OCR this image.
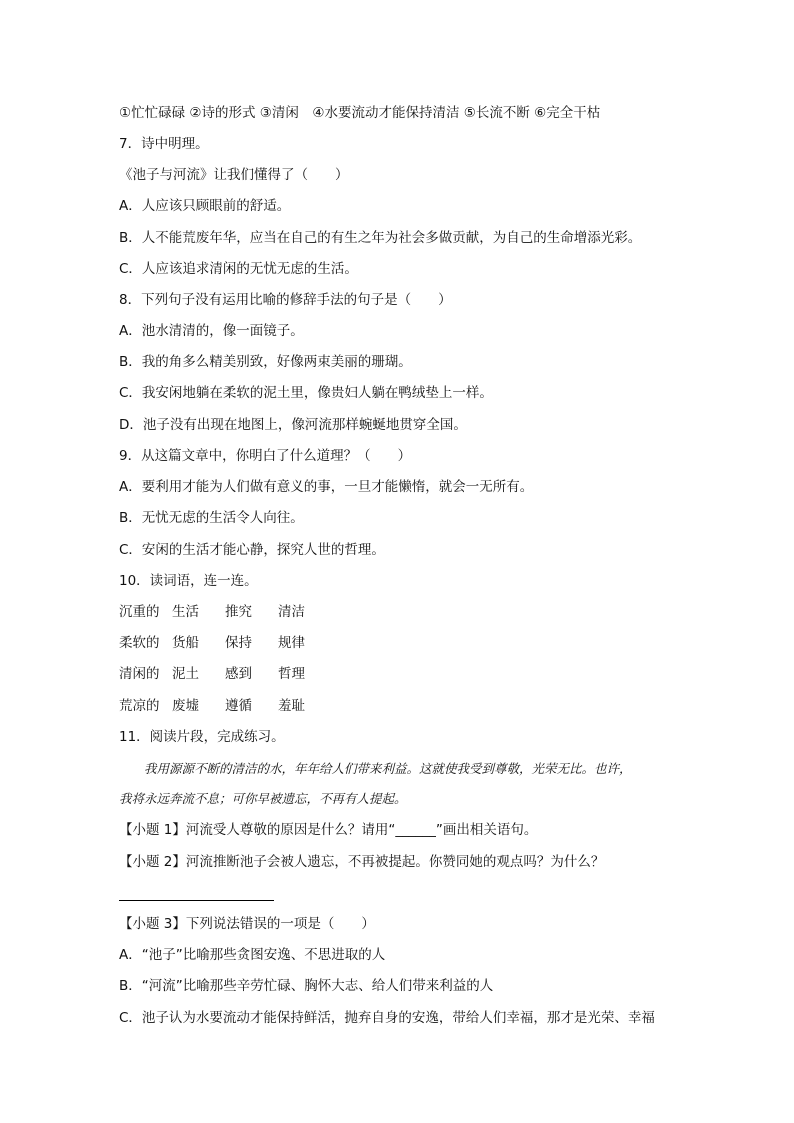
①忙忙碌碌 ②诗的形式 ③清闲　④水要流动才能保持清洁 ⑤长流不断 ⑥完全干枯
7．诗中明理。
《池子与河流》让我们懂得了（　　）
A．人应该只顾眼前的舒适。
B．人不能荒废年华，应当在自己的有生之年为社会多做贡献，为自己的生命增添光彩。
C．人应该追求清闲的无忧无虑的生活。
8．下列句子没有运用比喻的修辞手法的句子是（　　）
A．池水清清的，像一面镜子。
B．我的角多么精美别致，好像两束美丽的珊瑚。
C．我安闲地躺在柔软的泥土里，像贵妇人躺在鸭绒垫上一样。
D．池子没有出现在地图上，像河流那样蜿蜒地贯穿全国。
9．从这篇文章中，你明白了什么道理？（　　）
A．要利用才能为人们做有意义的事，一旦才能懒惰，就会一无所有。
B．无忧无虑的生活令人向往。
C．安闲的生活才能心静，探究人世的哲理。
10．读词语，连一连。
沉重的 生活 推究 清洁
柔软的 货船 保持 规律
清闲的 泥土 感到 哲理
荒凉的 废墟 遵循 羞耻
11．阅读片段，完成练习。
　　我用源源不断的清洁的水，年年给人们带来利益。这就使我受到尊敬，光荣无比。也许，
我将永远奔流不息；可你早被遗忘，不再有人提起。
【小题 1】河流受人尊敬的原因是什么？请用“______”画出相关语句。
【小题 2】河流推断池子会被人遗忘，不再被提起。你赞同她的观点吗？为什么？
【小题 3】下列说法错误的一项是（　　）
A．“池子”比喻那些贪图安逸、不思进取的人
B．“河流”比喻那些辛劳忙碌、胸怀大志、给人们带来利益的人
C．池子认为水要流动才能保持鲜活，抛弃自身的安逸，带给人们幸福，那才是光荣、幸福
